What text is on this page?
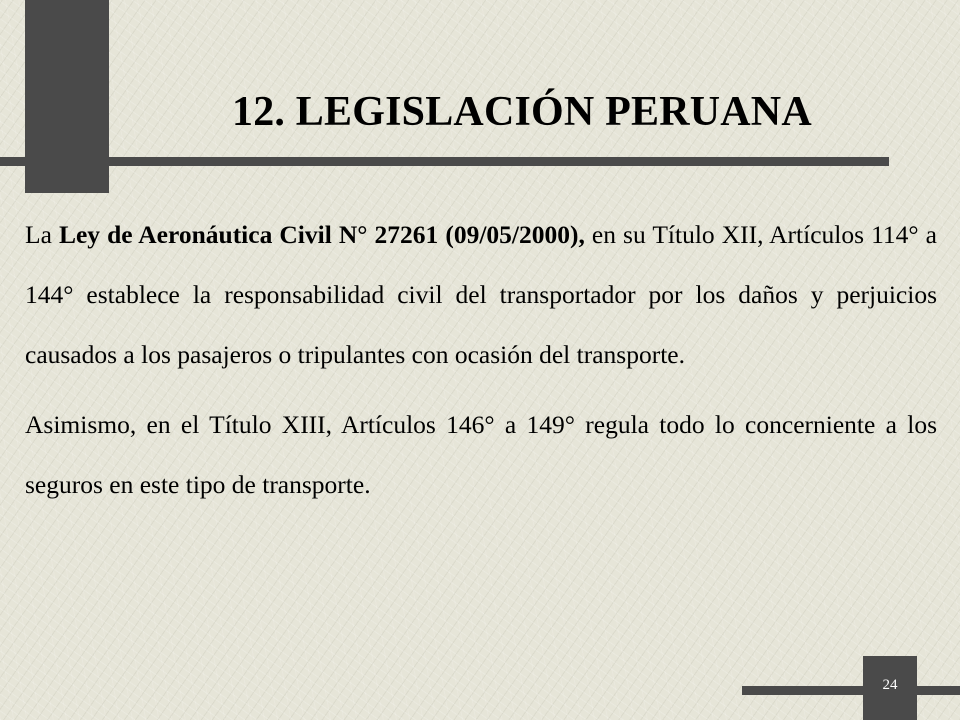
12. LEGISLACIÓN PERUANA

La Ley de Aeronáutica Civil N° 27261 (09/05/2000), en su Título XII, Artículos 114° a 144° establece la responsabilidad civil del transportador por los daños y perjuicios causados a los pasajeros o tripulantes con ocasión del transporte.

Asimismo, en el Título XIII, Artículos 146° a 149° regula todo lo concerniente a los seguros en este tipo de transporte.

24
